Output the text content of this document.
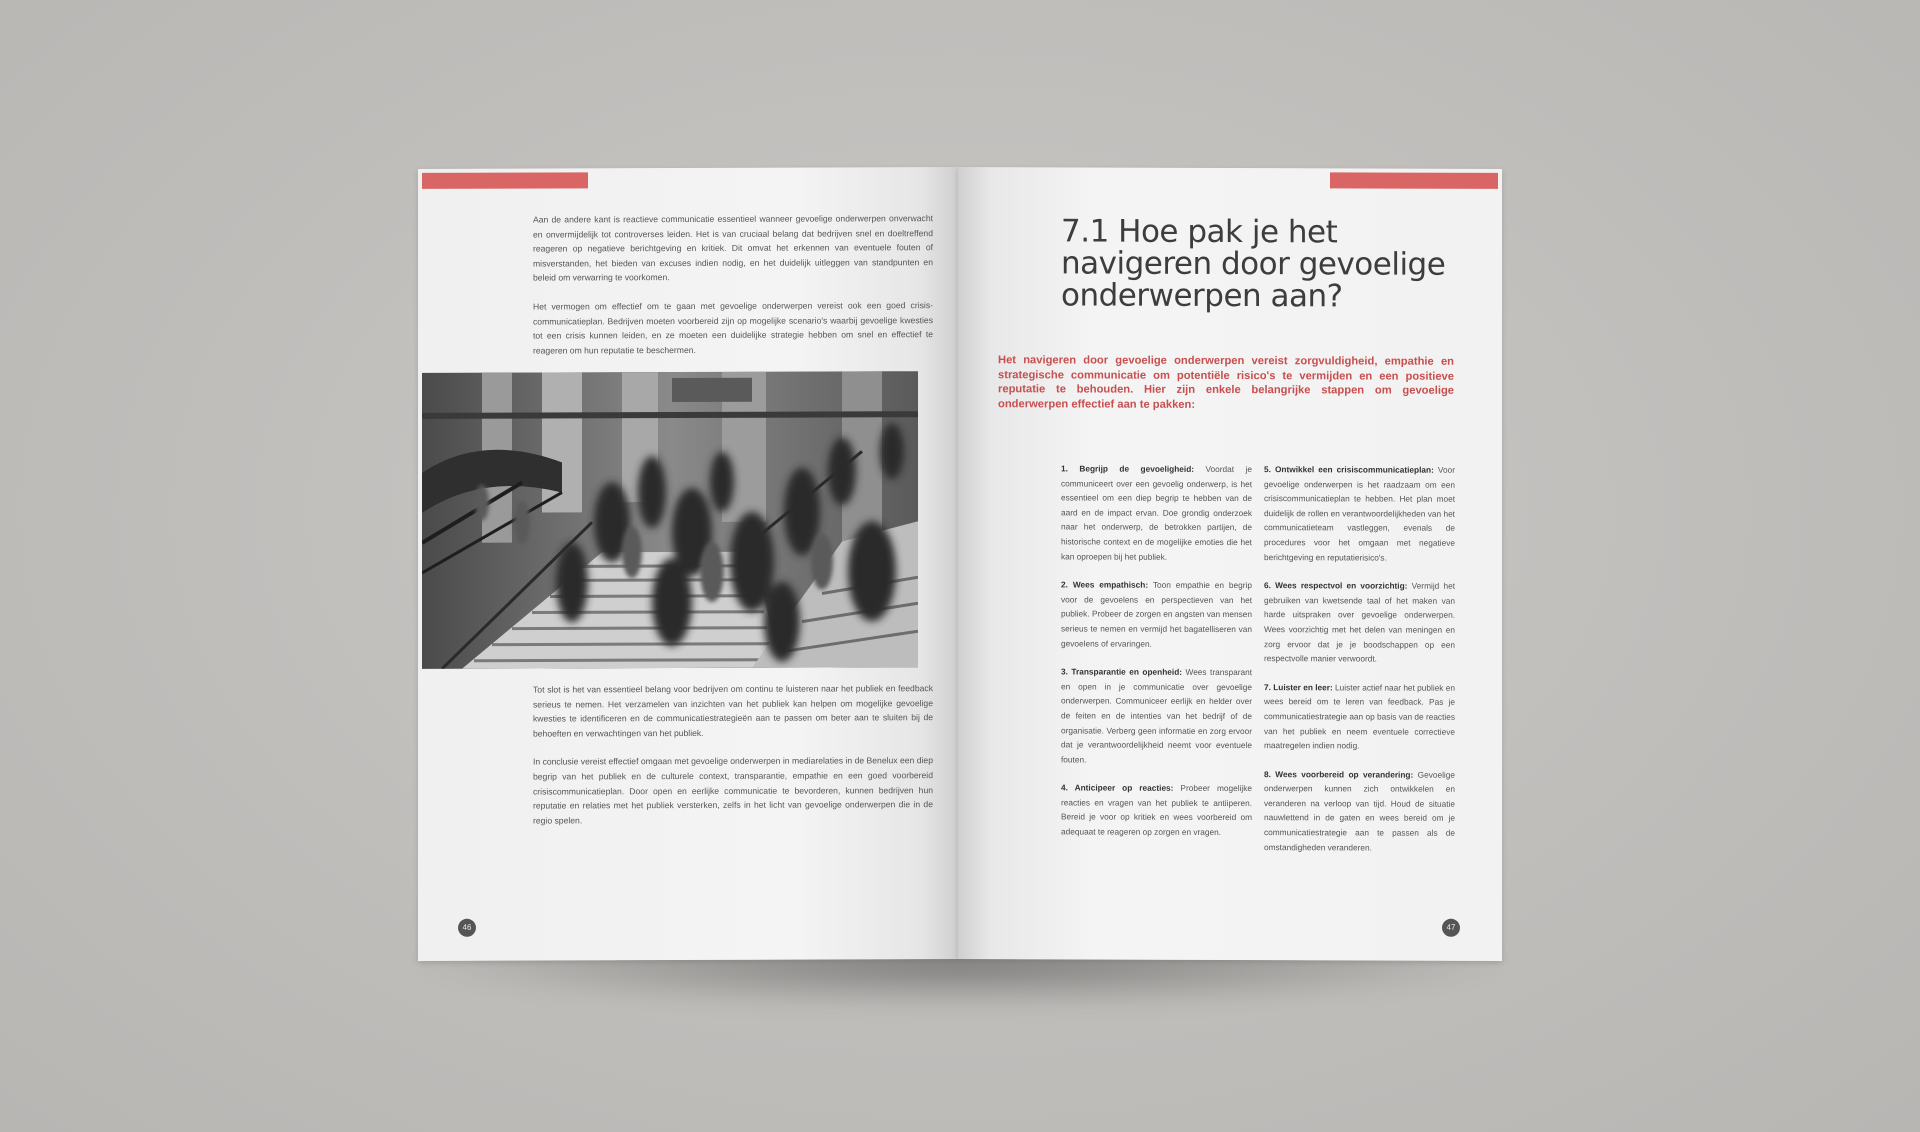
Aan de andere kant is reactieve communicatie essentieel wanneer gevoelige onderwerpen onverwacht en onvermijdelijk tot controverses leiden. Het is van cruciaal belang dat bedrijven snel en doeltreffend reageren op negatieve berichtgeving en kritiek. Dit omvat het erkennen van eventuele fouten of misverstanden, het bieden van excuses indien nodig, en het duidelijk uitleggen van standpunten en beleid om verwarring te voorkomen.

Het vermogen om effectief om te gaan met gevoelige onderwerpen vereist ook een goed crisis-communicatieplan. Bedrijven moeten voorbereid zijn op mogelijke scenario's waarbij gevoelige kwesties tot een crisis kunnen leiden, en ze moeten een duidelijke strategie hebben om snel en effectief te reageren om hun reputatie te beschermen.

Tot slot is het van essentieel belang voor bedrijven om continu te luisteren naar het publiek en feedback serieus te nemen. Het verzamelen van inzichten van het publiek kan helpen om mogelijke gevoelige kwesties te identificeren en de communicatiestrategieën aan te passen om beter aan te sluiten bij de behoeften en verwachtingen van het publiek.

In conclusie vereist effectief omgaan met gevoelige onderwerpen in mediarelaties in de Benelux een diep begrip van het publiek en de culturele context, transparantie, empathie en een goed voorbereid crisiscommunicatieplan. Door open en eerlijke communicatie te bevorderen, kunnen bedrijven hun reputatie en relaties met het publiek versterken, zelfs in het licht van gevoelige onderwerpen die in de regio spelen.

46
7.1 Hoe pak je het navigeren door gevoelige onderwerpen aan?

Het navigeren door gevoelige onderwerpen vereist zorgvuldigheid, empathie en strategische communicatie om potentiële risico's te vermijden en een positieve reputatie te behouden. Hier zijn enkele belangrijke stappen om gevoelige onderwerpen effectief aan te pakken:

1. Begrijp de gevoeligheid: Voordat je communiceert over een gevoelig onderwerp, is het essentieel om een diep begrip te hebben van de aard en de impact ervan. Doe grondig onderzoek naar het onderwerp, de betrokken partijen, de historische context en de mogelijke emoties die het kan oproepen bij het publiek.

2. Wees empathisch: Toon empathie en begrip voor de gevoelens en perspectieven van het publiek. Probeer de zorgen en angsten van mensen serieus te nemen en vermijd het bagatelliseren van gevoelens of ervaringen.

3. Transparantie en openheid: Wees transparant en open in je communicatie over gevoelige onderwerpen. Communiceer eerlijk en helder over de feiten en de intenties van het bedrijf of de organisatie. Verberg geen informatie en zorg ervoor dat je verantwoordelijkheid neemt voor eventuele fouten.

4. Anticipeer op reacties: Probeer mogelijke reacties en vragen van het publiek te antiiperen. Bereid je voor op kritiek en wees voorbereid om adequaat te reageren op zorgen en vragen.

5. Ontwikkel een crisiscommunicatieplan: Voor gevoelige onderwerpen is het raadzaam om een crisiscommunicatieplan te hebben. Het plan moet duidelijk de rollen en verantwoordelijkheden van het communicatieteam vastleggen, evenals de procedures voor het omgaan met negatieve berichtgeving en reputatierisico's.

6. Wees respectvol en voorzichtig: Vermijd het gebruiken van kwetsende taal of het maken van harde uitspraken over gevoelige onderwerpen. Wees voorzichtig met het delen van meningen en zorg ervoor dat je je boodschappen op een respectvolle manier verwoordt.

7. Luister en leer: Luister actief naar het publiek en wees bereid om te leren van feedback. Pas je communicatiestrategie aan op basis van de reacties van het publiek en neem eventuele correctieve maatregelen indien nodig.

8. Wees voorbereid op verandering: Gevoelige onderwerpen kunnen zich ontwikkelen en veranderen na verloop van tijd. Houd de situatie nauwlettend in de gaten en wees bereid om je communicatiestrategie aan te passen als de omstandigheden veranderen.

47
